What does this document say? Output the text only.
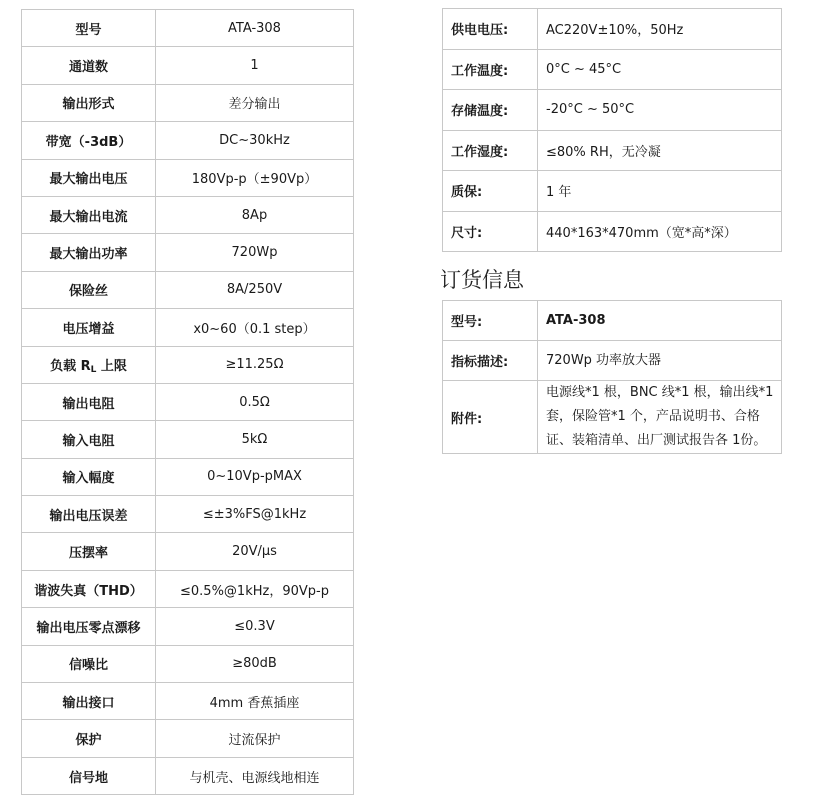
型号	ATA-308
通道数	1
输出形式	差分输出
带宽（-3dB）	DC~30kHz
最大输出电压	180Vp-p（±90Vp）
最大输出电流	8Ap
最大输出功率	720Wp
保险丝	8A/250V
电压增益	x0~60（0.1 step）
负载 $R_L$ 上限	≥11.25Ω
输出电阻	0.5Ω
输入电阻	5kΩ
输入幅度	0~10Vp-pMAX
输出电压误差	≤±3%FS@1kHz
压摆率	20V/μs
谐波失真（THD）	≤0.5%@1kHz，90Vp-p
输出电压零点漂移	≤0.3V
信噪比	≥80dB
输出接口	4mm 香蕉插座
保护	过流保护
信号地	与机壳、电源线地相连
供电电压:	AC220V±10%，50Hz
工作温度:	0°C ~ 45°C
存储温度:	-20°C ~ 50°C
工作湿度:	≤80% RH，无冷凝
质保:	1 年
尺寸:	440*163*470mm（宽*高*深）
订货信息
型号:	ATA-308
指标描述:	720Wp 功率放大器
附件:	电源线*1 根，BNC 线*1 根，输出线*1 套，保险管*1 个，产品说明书、合格证、装箱清单、出厂测试报告各 1份。
